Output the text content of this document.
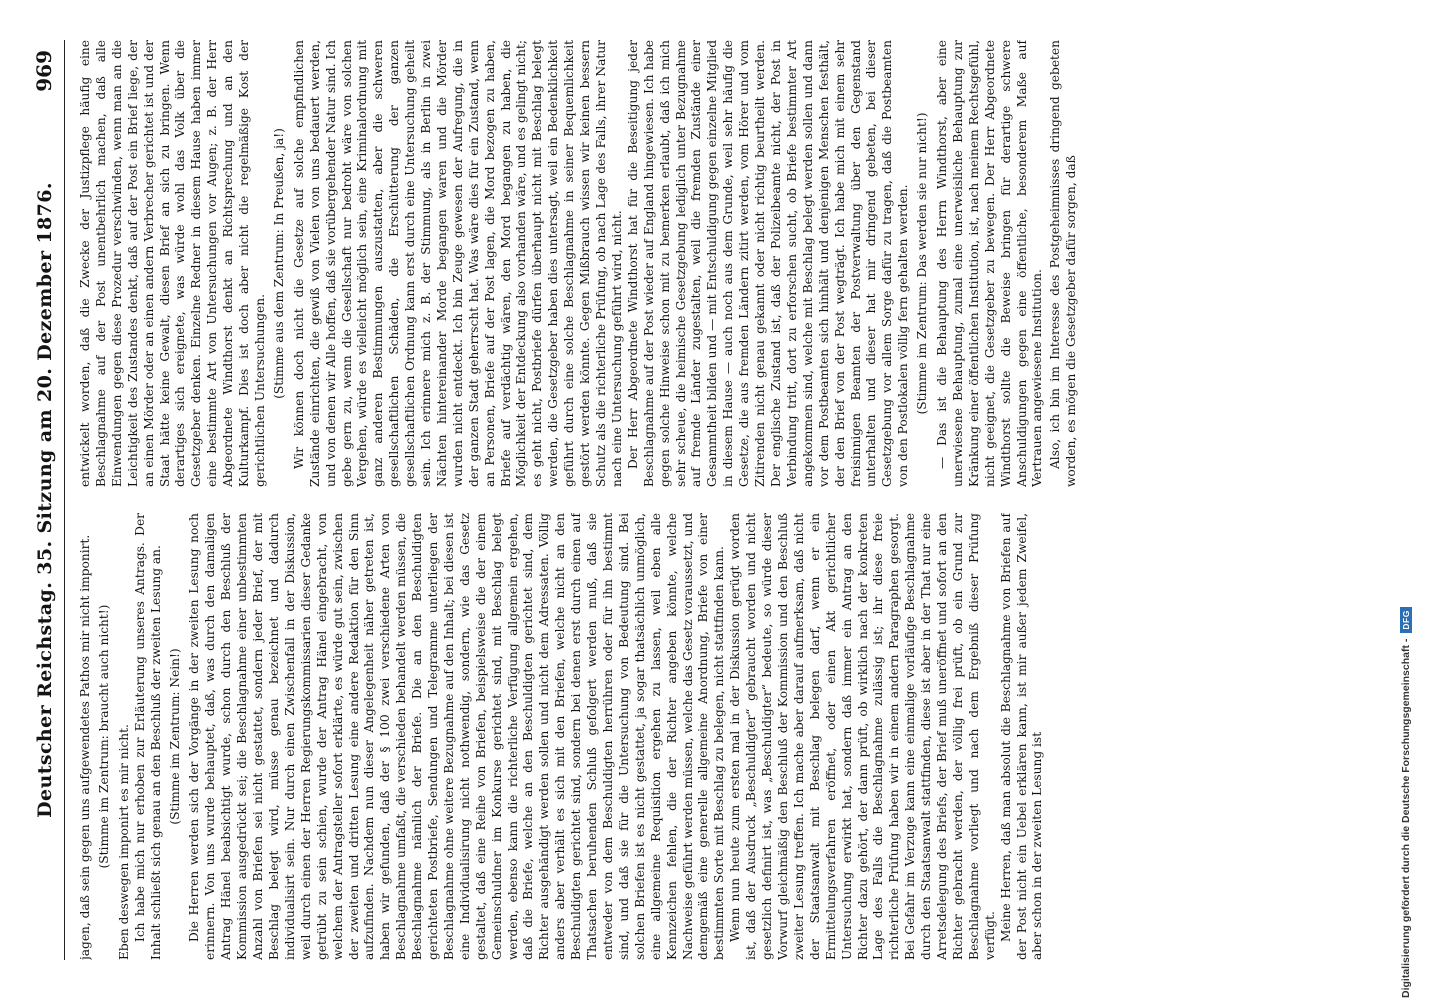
Deutscher Reichstag. 35. Sitzung am 20. Dezember 1876.
969

jagen, daß sein gegen uns aufgewendetes Pathos mir nicht imponirt. (Stimme im Zentrum: braucht auch nicht!) Eben deswegen imponirt es mir nicht. Ich habe mich nur erhoben zur Erläuterung unseres Antrags. Der Inhalt schließt sich genau an den Beschluß der zweiten Lesung an. (Stimme im Zentrum: Nein!) Die Herren werden sich der Vorgänge in der zweiten Lesung noch erinnern. Von uns wurde behauptet, daß, was durch den damaligen Antrag Hänel beabsichtigt wurde, schon durch den Beschluß der Kommission ausgedrückt sei; die Beschlagnahme einer unbestimmten Anzahl von Briefen sei nicht gestattet, sondern jeder Brief, der mit Beschlag belegt wird, müsse genau bezeichnet und dadurch individualisirt sein. Nur durch einen Zwischenfall in der Diskussion, weil durch einen der Herren Regierungskommissarien dieser Gedanke getrübt zu sein schien, wurde der Antrag Hänel eingebracht, von welchem der Antragsteller sofort erklärte, es würde gut sein, zwischen der zweiten und dritten Lesung eine andere Redaktion für den Sinn aufzufinden. Nachdem nun dieser Angelegenheit näher getreten ist, haben wir gefunden, daß der § 100 zwei verschiedene Arten von Beschlagnahme umfaßt, die verschieden behandelt werden müssen, die Beschlagnahme nämlich der Briefe. Die an den Beschuldigten gerichteten Postbriefe, Sendungen und Telegramme unterliegen der Beschlagnahme ohne weitere Bezugnahme auf den Inhalt; bei diesen ist eine Individualisirung nicht nothwendig, sondern, wie das Gesetz gestaltet, daß eine Reihe von Briefen, beispielsweise die der einem Gemeinschuldner im Konkurse gerichtet sind, mit Beschlag belegt werden, ebenso kann die richterliche Verfügung allgemein ergehen, daß die Briefe, welche an den Beschuldigten gerichtet sind, dem Richter ausgehändigt werden sollen und nicht dem Adressaten. Völlig anders aber verhält es sich mit den Briefen, welche nicht an den Beschuldigten gerichtet sind, sondern bei denen erst durch einen auf Thatsachen beruhenden Schluß gefolgert werden muß, daß sie entweder von dem Beschuldigten herrühren oder für ihn bestimmt sind, und daß sie für die Untersuchung von Bedeutung sind. Bei solchen Briefen ist es nicht gestattet, ja sogar thatsächlich unmöglich, eine allgemeine Requisition ergehen zu lassen, weil eben alle Kennzeichen fehlen, die der Richter angeben könnte, welche Nachweise geführt werden müssen, welche das Gesetz voraussetzt, und demgemäß eine generelle allgemeine Anordnung, Briefe von einer bestimmten Sorte mit Beschlag zu belegen, nicht stattfinden kann. Wenn nun heute zum ersten mal in der Diskussion gerügt worden ist, daß der Ausdruck „Beschuldigter“ gebraucht worden und nicht gesetzlich definirt ist, was „Beschuldigter“ bedeute, so würde dieser Vorwurf gleichmäßig den Beschluß der Kommission und den Beschluß zweiter Lesung treffen. Ich mache aber darauf aufmerksam, daß nicht der Staatsanwalt mit Beschlag belegen darf, wenn er ein Ermittelungsverfahren eröffnet, oder einen Akt gerichtlicher Untersuchung erwirkt hat, sondern daß immer ein Antrag an den Richter dazu gehört, der dann prüft, ob wirklich nach der konkreten Lage des Falls die Beschlagnahme zulässig ist; ihr diese freie richterliche Prüfung haben wir in einem andern Paragraphen gesorgt. Bei Gefahr im Verzuge kann eine einmalige vorläufige Beschlagnahme durch den Staatsanwalt stattfinden, diese ist aber in der That nur eine Arretsdelegung des Briefs, der Brief muß uneröffnet und sofort an den Richter gebracht werden, der völlig frei prüft, ob ein Grund zur Beschlagnahme vorliegt und nach dem Ergebniß dieser Prüfung verfügt. Meine Herren, daß man absolut die Beschlagnahme von Briefen auf der Post nicht ein Uebel erklären kann, ist mir außer jedem Zweifel, aber schon in der zweiten Lesung ist

entwickelt worden, daß die Zwecke der Justizpflege häufig eine Beschlagnahme auf der Post unentbehrlich machen, daß alle Einwendungen gegen diese Prozedur verschwinden, wenn man an die Leichtigkeit des Zustandes denkt, daß auf der Post ein Brief liege, der an einen Mörder oder an einen andern Verbrecher gerichtet ist und der Staat hätte keine Gewalt, diesen Brief an sich zu bringen. Wenn derartiges sich ereignete, was würde wohl das Volk über die Gesetzgeber denken. Einzelne Redner in diesem Hause haben immer eine bestimmte Art von Untersuchungen vor Augen; z. B. der Herr Abgeordnete Windthorst denkt an Richtsprechung und an den Kulturkampf. Dies ist doch aber nicht die regelmäßige Kost der gerichtlichen Untersuchungen. (Stimme aus dem Zentrum: In Preußen, ja!) Wir können doch nicht die Gesetze auf solche empfindlichen Zustände einrichten, die gewiß von Vielen von uns bedauert werden, und von denen wir Alle hoffen, daß sie vorübergehender Natur sind. Ich gebe gern zu, wenn die Gesellschaft nur bedroht wäre von solchen Vergehen, würde es vielleicht möglich sein, eine Kriminalordnung mit ganz anderen Bestimmungen auszustatten, aber die schweren gesellschaftlichen Schäden, die Erschütterung der ganzen gesellschaftlichen Ordnung kann erst durch eine Untersuchung geheilt sein. Ich erinnere mich z. B. der Stimmung, als in Berlin in zwei Nächten hintereinander Morde begangen waren und die Mörder wurden nicht entdeckt. Ich bin Zeuge gewesen der Aufregung, die in der ganzen Stadt geherrscht hat. Was wäre dies für ein Zustand, wenn an Personen, Briefe auf der Post lagen, die Mord bezogen zu haben, Briefe auf verdächtig wären, den Mord begangen zu haben, die Möglichkeit der Entdeckung also vorhanden wäre, und es gelingt nicht; es geht nicht, Postbriefe dürfen überhaupt nicht mit Beschlag belegt werden, die Gesetzgeber haben dies untersagt, weil ein Bedenklichkeit geführt durch eine solche Beschlagnahme in seiner Bequemlichkeit gestört werden könnte. Gegen Mißbrauch wissen wir keinen bessern Schutz als die richterliche Prüfung, ob nach Lage des Falls, ihrer Natur nach eine Untersuchung geführt wird, nicht. Der Herr Abgeordnete Windthorst hat für die Beseitigung jeder Beschlagnahme auf der Post wieder auf England hingewiesen. Ich habe gegen solche Hinweise schon mit zu bemerken erlaubt, daß ich mich sehr scheue, die heimische Gesetzgebung lediglich unter Bezugnahme auf fremde Länder zugestalten, weil die fremden Zustände einer Gesammtheit bilden und — mit Entschuldigung gegen einzelne Mitglied in diesem Hause — auch noch aus dem Grunde, weil sehr häufig die Gesetze, die aus fremden Ländern zitirt werden, vom Hörer und vom Zitirenden nicht genau gekannt oder nicht richtig beurtheilt werden. Der englische Zustand ist, daß der Polizeibeamte nicht, der Post in Verbindung tritt, dort zu erforschen sucht, ob Briefe bestimmter Art angekommen sind, welche mit Beschlag belegt werden sollen und dann vor dem Postbeamten sich hinhält und denjenigen Menschen festhält, der den Brief von der Post wegträgt. Ich habe mich mit einem sehr freisinnigen Beamten der Postverwaltung über den Gegenstand unterhalten und dieser hat mir dringend gebeten, bei dieser Gesetzgebung vor allem Sorge dafür zu tragen, daß die Postbeamten von den Postlokalen völlig fern gehalten werden. (Stimme im Zentrum: Das werden sie nur nicht!) — Das ist die Behauptung des Herrn Windthorst, aber eine unerwiesene Behauptung, zumal eine unerweisliche Behauptung zur Kränkung einer öffentlichen Institution, ist, nach meinem Rechtsgefühl, nicht geeignet, die Gesetzgeber zu bewegen. Der Herr Abgeordnete Windthorst sollte die Beweise bringen für derartige schwere Anschuldigungen gegen eine öffentliche, besonderem Maße auf Vertrauen angewiesene Institution. Also, ich bin im Interesse des Postgeheimnisses dringend gebeten worden, es mögen die Gesetzgeber dafür sorgen, daß

Digitalisierung gefördert durch die Deutsche Forschungsgemeinschaft -
DFG
